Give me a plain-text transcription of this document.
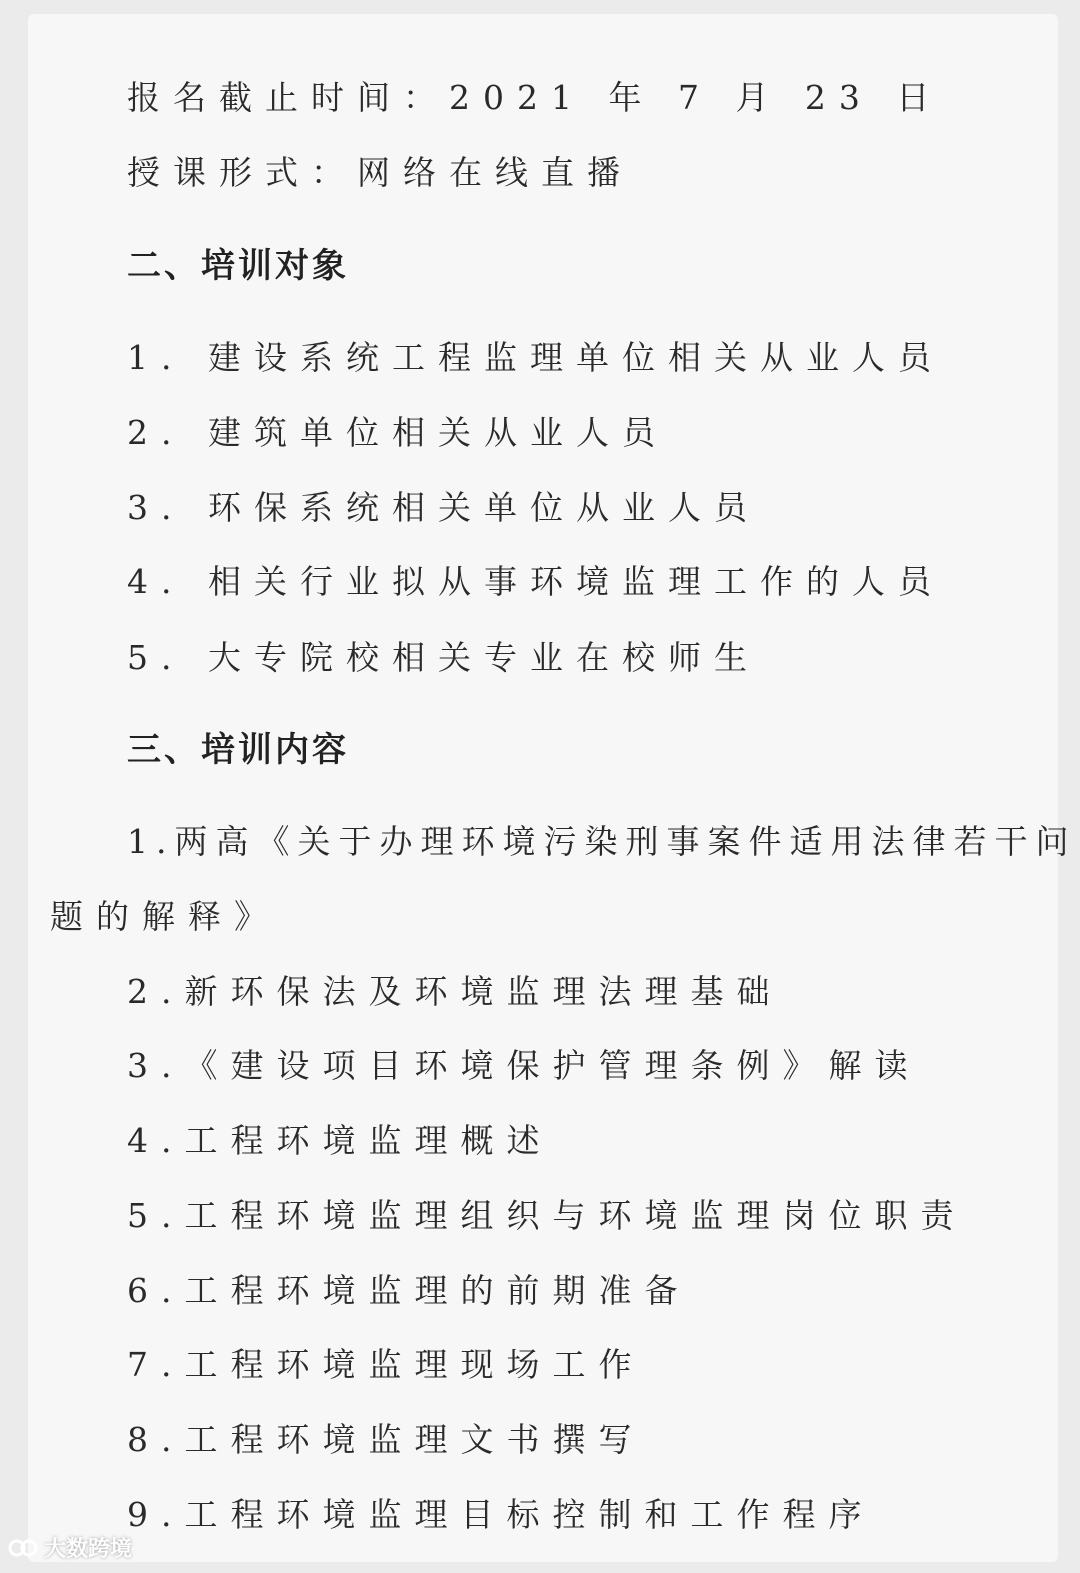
报名截止时间：2021 年 7 月 23 日
授课形式：网络在线直播
二、培训对象
1. 建设系统工程监理单位相关从业人员
2. 建筑单位相关从业人员
3. 环保系统相关单位从业人员
4. 相关行业拟从事环境监理工作的人员
5. 大专院校相关专业在校师生
三、培训内容
1.两高《关于办理环境污染刑事案件适用法律若干问
题的解释》
2.新环保法及环境监理法理基础
3.《建设项目环境保护管理条例》解读
4.工程环境监理概述
5.工程环境监理组织与环境监理岗位职责
6.工程环境监理的前期准备
7.工程环境监理现场工作
8.工程环境监理文书撰写
9.工程环境监理目标控制和工作程序
大数跨境
